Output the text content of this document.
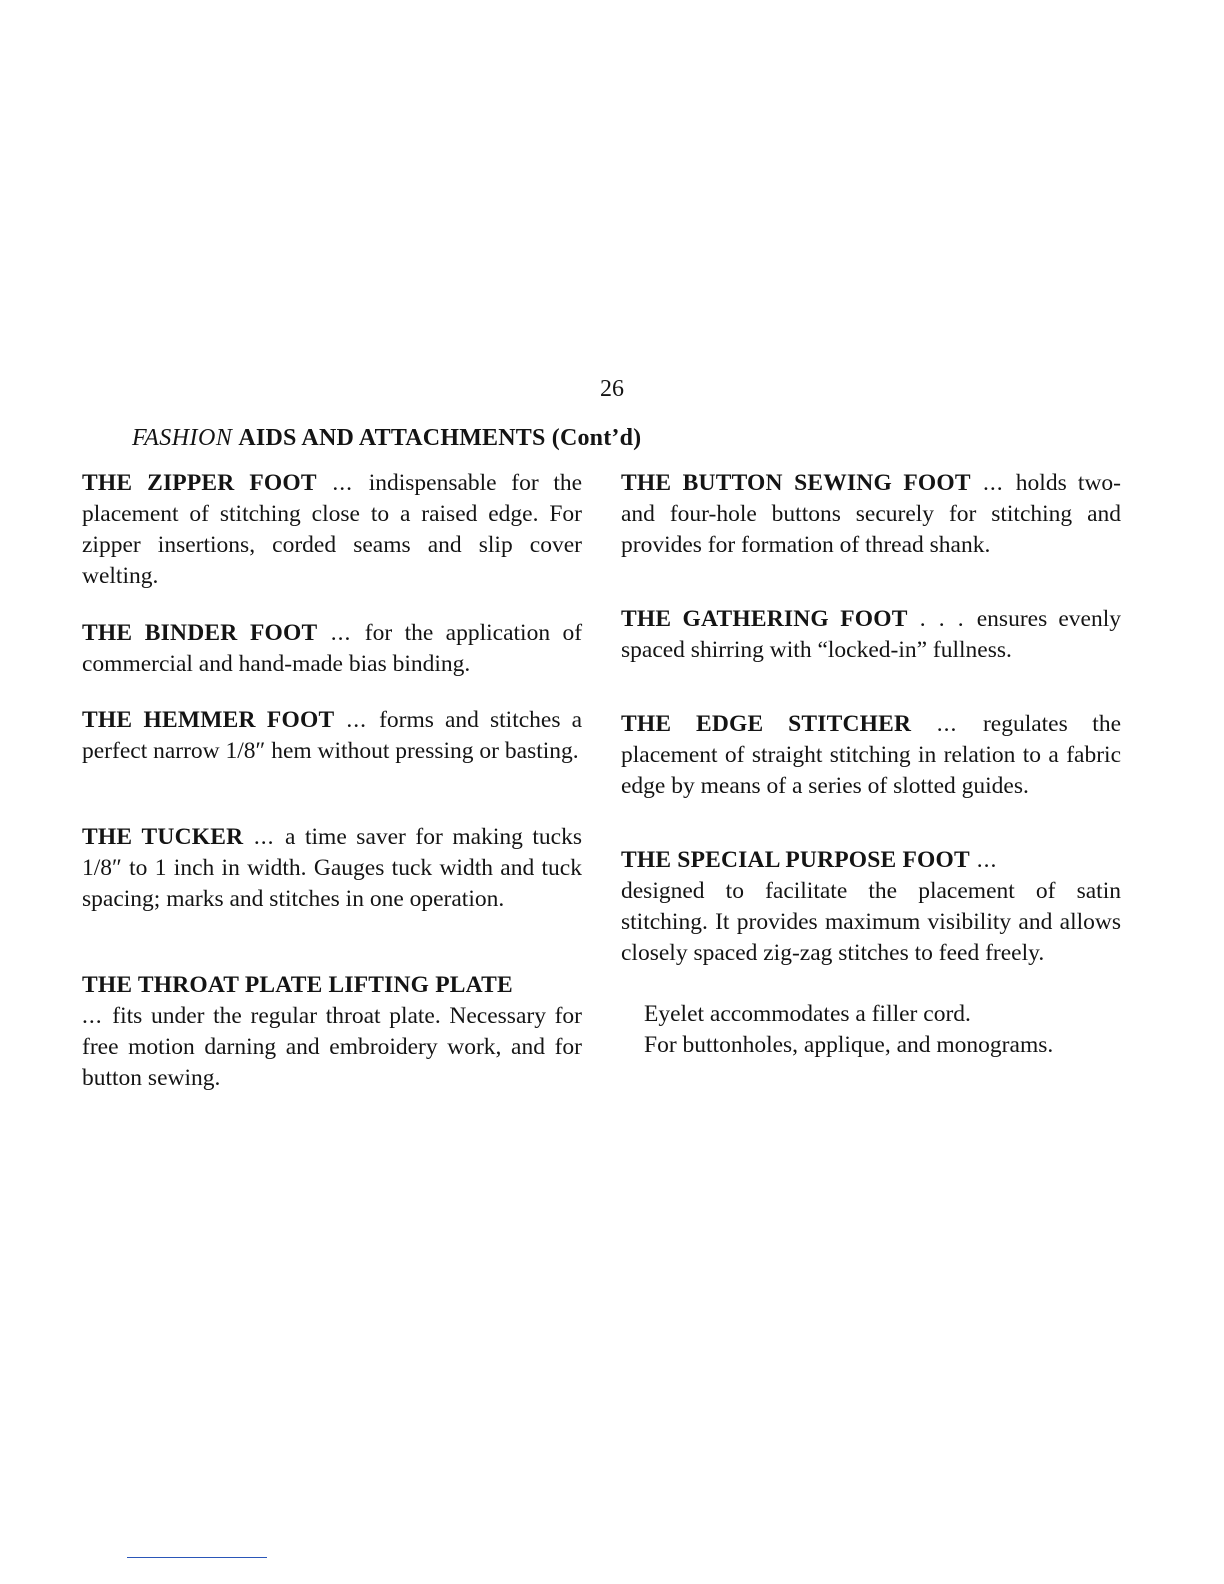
26
FASHION AIDS AND ATTACHMENTS (Cont’d)

THE ZIPPER FOOT ... indispensable for the placement of stitching close to a raised edge. For zipper insertions, corded seams and slip cover welting.

THE BINDER FOOT ... for the application of commercial and hand-made bias binding.

THE HEMMER FOOT ... forms and stitches a perfect narrow 1/8″ hem without pressing or basting.

THE TUCKER ... a time saver for making tucks 1/8″ to 1 inch in width. Gauges tuck width and tuck spacing; marks and stitches in one operation.

THE THROAT PLATE LIFTING PLATE
... fits under the regular throat plate. Necessary for free motion darning and embroidery work, and for button sewing.

THE BUTTON SEWING FOOT ... holds two- and four-hole buttons securely for stitching and provides for formation of thread shank.

THE GATHERING FOOT . . . ensures evenly spaced shirring with “locked-in” fullness.

THE EDGE STITCHER ... regulates the placement of straight stitching in relation to a fabric edge by means of a series of slotted guides.

THE SPECIAL PURPOSE FOOT ...
designed to facilitate the placement of satin stitching. It provides maximum visibility and allows closely spaced zig-zag stitches to feed freely.

Eyelet accommodates a filler cord.

For buttonholes, applique, and monograms.
